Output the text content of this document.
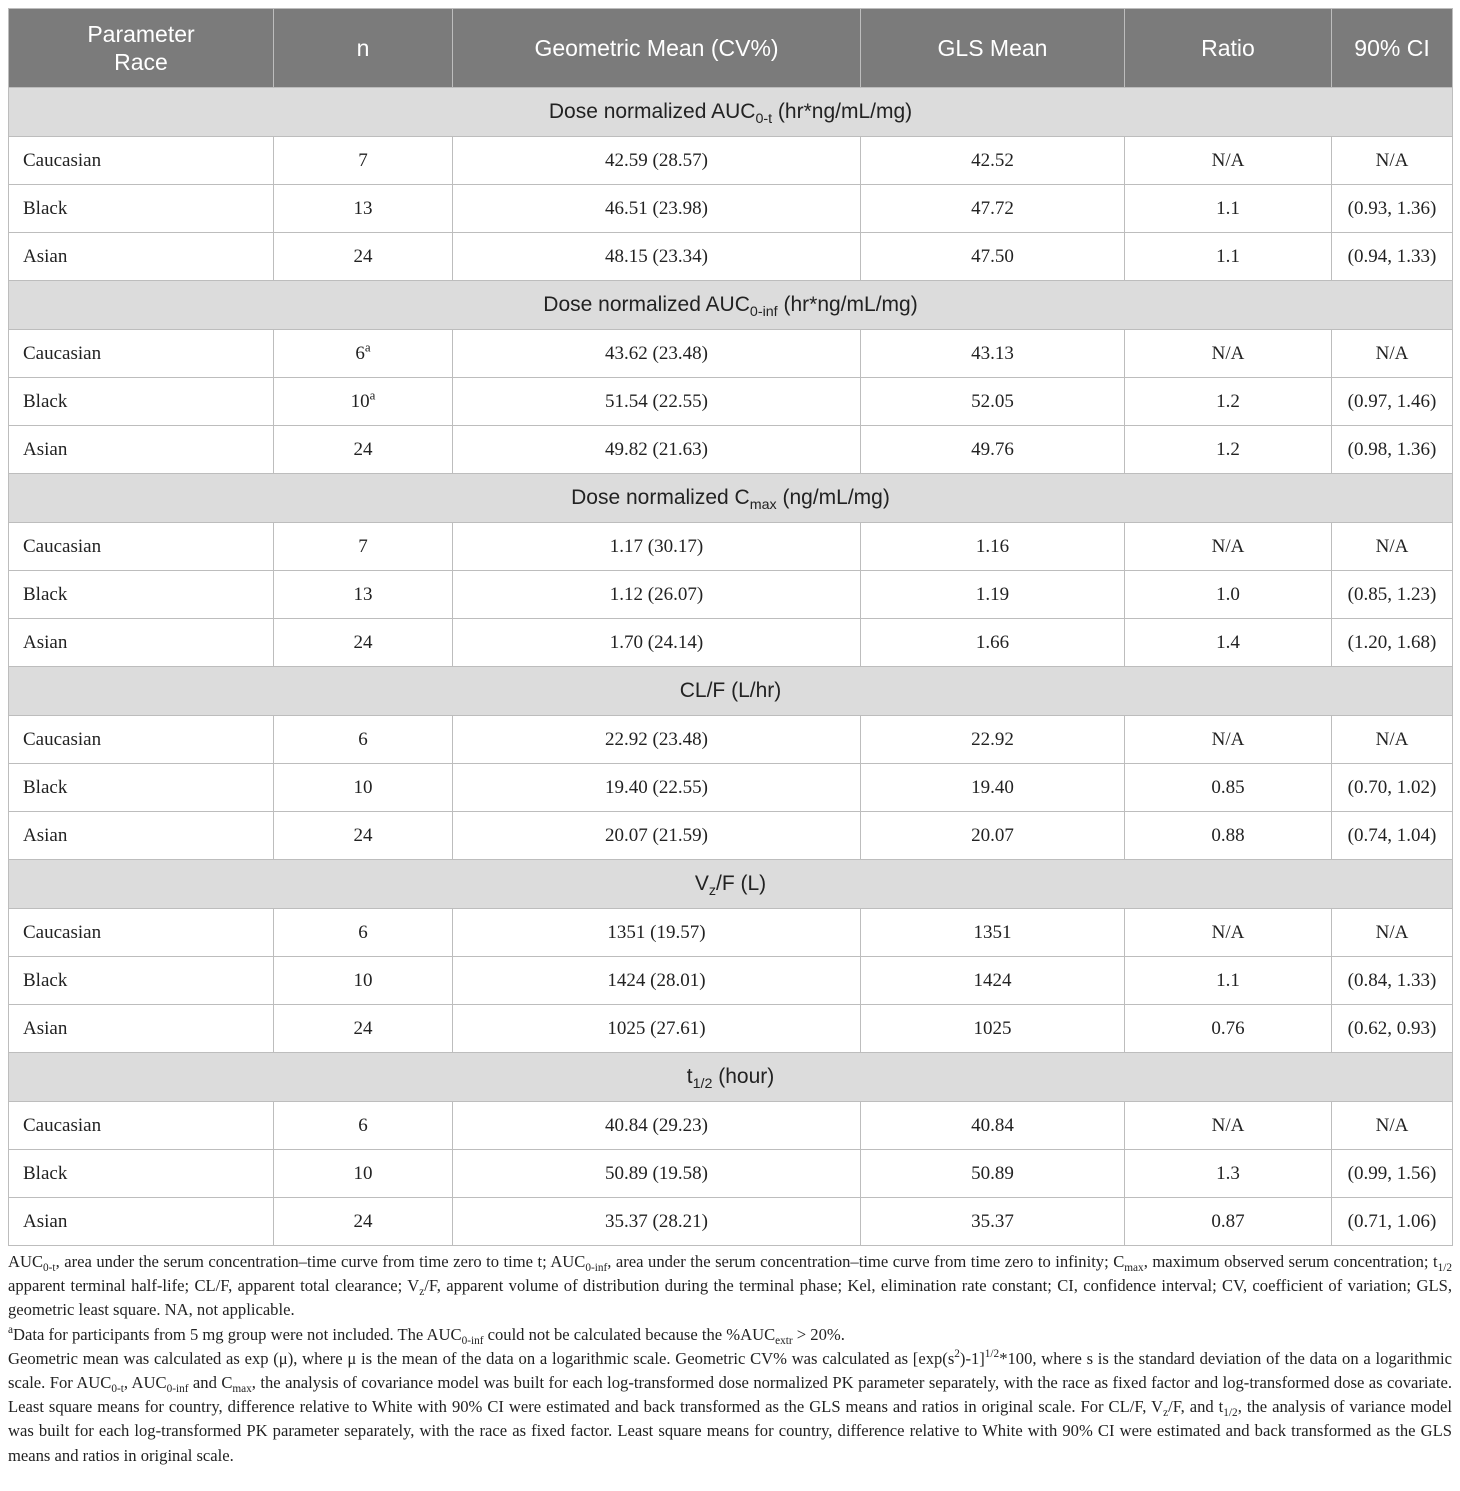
Parameter
Race	n	Geometric Mean (CV%)	GLS Mean	Ratio	90% CI
Dose normalized $AUC_{0-t}$ (hr*ng/mL/mg)					
Caucasian	7	42.59 (28.57)	42.52	N/A	N/A
Black	13	46.51 (23.98)	47.72	1.1	(0.93, 1.36)
Asian	24	48.15 (23.34)	47.50	1.1	(0.94, 1.33)
Dose normalized $AUC_{0-inf}$ (hr*ng/mL/mg)					
Caucasian	6$^a$	43.62 (23.48)	43.13	N/A	N/A
Black	10$^a$	51.54 (22.55)	52.05	1.2	(0.97, 1.46)
Asian	24	49.82 (21.63)	49.76	1.2	(0.98, 1.36)
Dose normalized $C_{max}$ (ng/mL/mg)					
Caucasian	7	1.17 (30.17)	1.16	N/A	N/A
Black	13	1.12 (26.07)	1.19	1.0	(0.85, 1.23)
Asian	24	1.70 (24.14)	1.66	1.4	(1.20, 1.68)
CL/F (L/hr)					
Caucasian	6	22.92 (23.48)	22.92	N/A	N/A
Black	10	19.40 (22.55)	19.40	0.85	(0.70, 1.02)
Asian	24	20.07 (21.59)	20.07	0.88	(0.74, 1.04)
$V_z/F$ (L)					
Caucasian	6	1351 (19.57)	1351	N/A	N/A
Black	10	1424 (28.01)	1424	1.1	(0.84, 1.33)
Asian	24	1025 (27.61)	1025	0.76	(0.62, 0.93)
$t_{1/2}$ (hour)					
Caucasian	6	40.84 (29.23)	40.84	N/A	N/A
Black	10	50.89 (19.58)	50.89	1.3	(0.99, 1.56)
Asian	24	35.37 (28.21)	35.37	0.87	(0.71, 1.06)

$AUC_{0-t}$, area under the serum concentration–time curve from time zero to time t; $AUC_{0-inf}$, area under the serum concentration–time curve from time zero to infinity; $C_{max}$, maximum observed serum concentration; $t_{1/2}$ apparent terminal half-life; CL/F, apparent total clearance; $V_z/F$, apparent volume of distribution during the terminal phase; Kel, elimination rate constant; CI, confidence interval; CV, coefficient of variation; GLS, geometric least square. NA, not applicable.

$^a$Data for participants from 5 mg group were not included. The $AUC_{0-inf}$ could not be calculated because the $\%AUC_{extr} > 20\%$.

Geometric mean was calculated as exp (μ), where μ is the mean of the data on a logarithmic scale. Geometric CV% was calculated as $[\exp(s^2)-1]^{1/2}*100$, where s is the standard deviation of the data on a logarithmic scale. For $AUC_{0-t}$, $AUC_{0-inf}$ and $C_{max}$, the analysis of covariance model was built for each log-transformed dose normalized PK parameter separately, with the race as fixed factor and log-transformed dose as covariate. Least square means for country, difference relative to White with 90% CI were estimated and back transformed as the GLS means and ratios in original scale. For CL/F, $V_z/F$, and $t_{1/2}$, the analysis of variance model was built for each log-transformed PK parameter separately, with the race as fixed factor. Least square means for country, difference relative to White with 90% CI were estimated and back transformed as the GLS means and ratios in original scale.
